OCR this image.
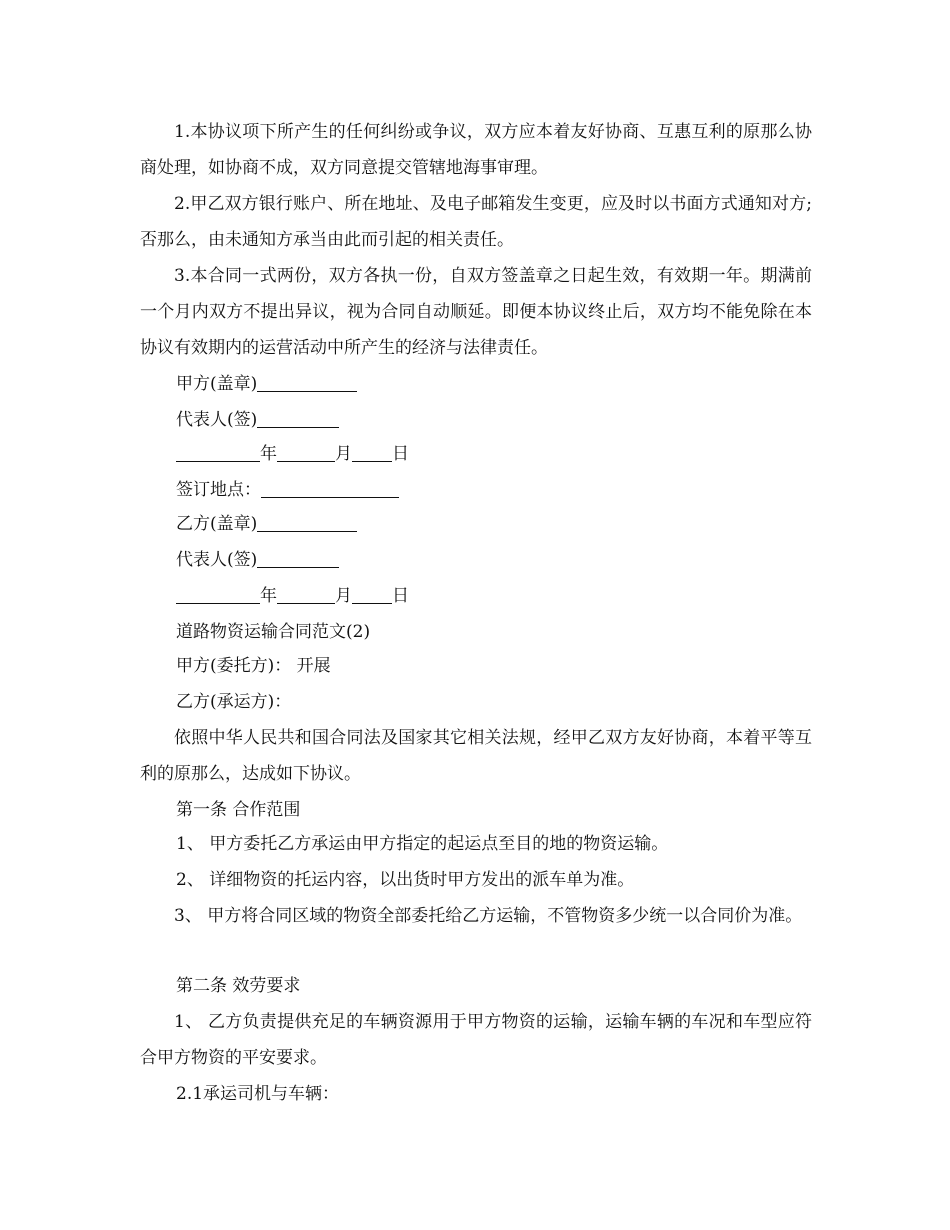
1.本协议项下所产生的任何纠纷或争议，双方应本着友好协商、互惠互利的原那么协商处理，如协商不成，双方同意提交管辖地海事审理。

2.甲乙双方银行账户、所在地址、及电子邮箱发生变更，应及时以书面方式通知对方;否那么，由未通知方承当由此而引起的相关责任。

3.本合同一式两份，双方各执一份，自双方签盖章之日起生效，有效期一年。期满前一个月内双方不提出异议，视为合同自动顺延。即便本协议终止后，双方均不能免除在本协议有效期内的运营活动中所产生的经济与法律责任。

甲方(盖章)
代表人(签)
年	月 日
签订地点：
乙方(盖章)
代表人(签)
年	月 日
道路物资运输合同范文(2)
甲方(委托方)： 开展
乙方(承运方)：

依照中华人民共和国合同法及国家其它相关法规，经甲乙双方友好协商，本着平等互利的原那么，达成如下协议。

第一条 合作范围
1、 甲方委托乙方承运由甲方指定的起运点至目的地的物资运输。
2、 详细物资的托运内容，以出货时甲方发出的派车单为准。

3、 甲方将合同区域的物资全部委托给乙方运输，不管物资多少统一以合同价为准。

第二条 效劳要求

1、 乙方负责提供充足的车辆资源用于甲方物资的运输，运输车辆的车况和车型应符合甲方物资的平安要求。

2.1承运司机与车辆：
